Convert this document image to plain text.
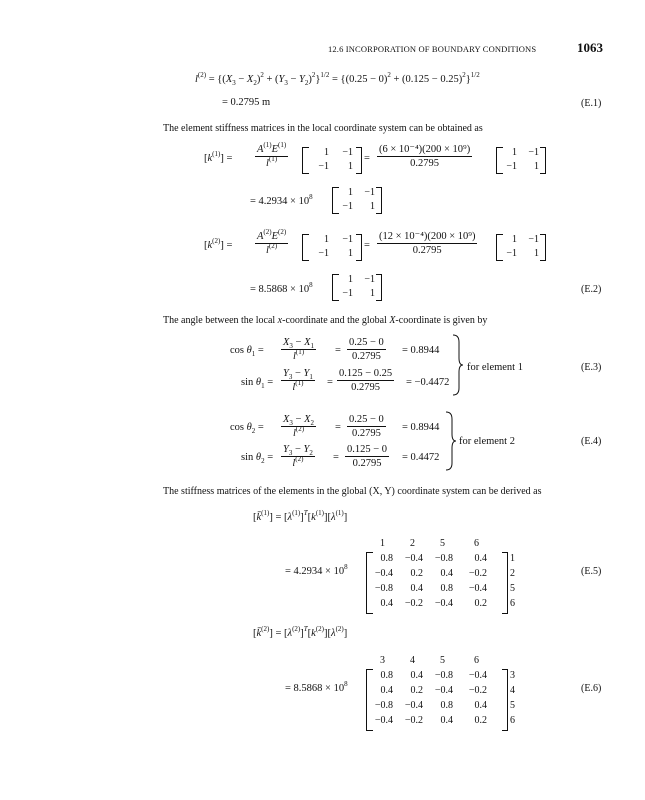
12.6 INCORPORATION OF BOUNDARY CONDITIONS	1063
$l^{(2)} = \{(X_3 - X_2)^2 + (Y_3 - Y_2)^2\}^{1/2} = \{(0.25 - 0)^2 + (0.125 - 0.25)^2\}^{1/2}$
= 0.2795 m	(E.1)
The element stiffness matrices in the local coordinate system can be obtained as
$[k^{(1)}]$ =
$A^{(1)}E^{(1)}$
$l^{(1)}$
1	−1
−1	1
=
(6 × 10⁻⁴)(200 × 10⁹)
0.2795
1	−1
−1	1
= $4.2934 \times 10^8$	1	−1
−1	1
$[k^{(2)}]$ =
$A^{(2)}E^{(2)}$
$l^{(2)}$
1	−1
−1	1
=
(12 × 10⁻⁴)(200 × 10⁹)
0.2795
1	−1
−1	1
= $8.5868 \times 10^8$
1	−1
−1	1	(E.2)
The angle between the local x-coordinate and the global X-coordinate is given by
$\cos \theta_1$ =
$X_3 - X_1$
$l^{(1)}$	=
0.25 − 0
0.2795
= 0.8944
$\sin \theta_1$ =
$Y_3 - Y_1$
$l^{(1)}$	=
0.125 − 0.25
0.2795	= −0.4472
for element 1	(E.3)
$\cos \theta_2$ =
$X_3 - X_2$
$l^{(2)}$	=
0.25 − 0
0.2795
= 0.8944
$\sin \theta_2$ =
$Y_3 - Y_2$
$l^{(2)}$	=
0.125 − 0
0.2795
= 0.4472
for element 2	(E.4)
The stiffness matrices of the elements in the global (X, Y) coordinate system can be derived as
[k̄$^{(1)}$] = $[\lambda^{(1)}]^T[k^{(1)}][\lambda^{(1)}]$
= $4.2934 \times 10^8$
1	2	5	6
0.8	−0.4	−0.8	0.4
−0.4	0.2	0.4	−0.2
−0.8	0.4	0.8	−0.4
0.4	−0.2	−0.4	0.2
1
2
5
6
(E.5)
[k̄$^{(2)}$] = $[\lambda^{(2)}]^T[k^{(2)}][\lambda^{(2)}]$
= $8.5868 \times 10^8$
3	4	5	6
0.8	0.4	−0.8	−0.4
0.4	0.2	−0.4	−0.2
−0.8	−0.4	0.8	0.4
−0.4	−0.2	0.4	0.2
3
4
5
6
(E.6)
